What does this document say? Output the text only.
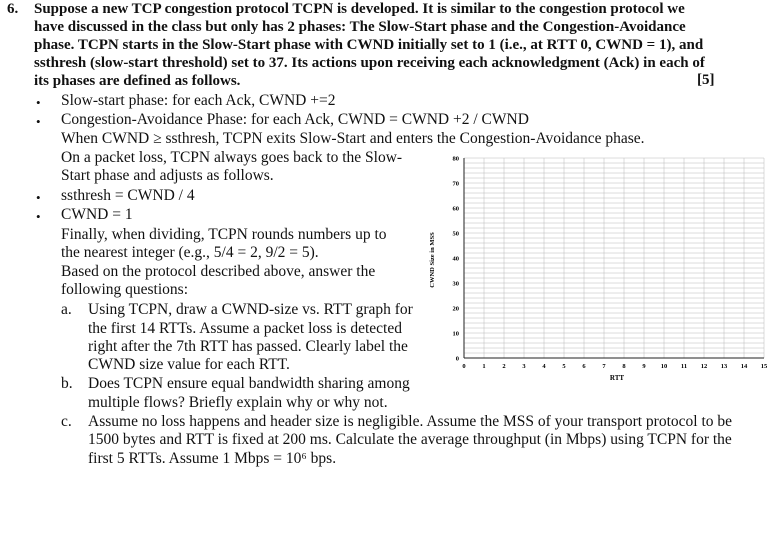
6. Suppose a new TCP congestion protocol TCPN is developed. It is similar to the congestion protocol we
have discussed in the class but only has 2 phases: The Slow-Start phase and the Congestion-Avoidance
phase. TCPN starts in the Slow-Start phase with CWND initially set to 1 (i.e., at RTT 0, CWND = 1), and
ssthresh (slow-start threshold) set to 37. Its actions upon receiving each acknowledgment (Ack) in each of
its phases are defined as follows.	[5]
• Slow-start phase: for each Ack, CWND +=2
• Congestion-Avoidance Phase: for each Ack, CWND = CWND +2 / CWND
When CWND ≥ ssthresh, TCPN exits Slow-Start and enters the Congestion-Avoidance phase.
On a packet loss, TCPN always goes back to the Slow-
Start phase and adjusts as follows.
• ssthresh = CWND / 4
• CWND = 1
Finally, when dividing, TCPN rounds numbers up to
the nearest integer (e.g., 5/4 = 2, 9/2 = 5).
Based on the protocol described above, answer the
following questions:
a. Using TCPN, draw a CWND-size vs. RTT graph for
the first 14 RTTs. Assume a packet loss is detected
right after the 7th RTT has passed. Clearly label the
CWND size value for each RTT.
b. Does TCPN ensure equal bandwidth sharing among
multiple flows? Briefly explain why or why not.
c. Assume no loss happens and header size is negligible. Assume the MSS of your transport protocol to be
1500 bytes and RTT is fixed at 200 ms. Calculate the average throughput (in Mbps) using TCPN for the
first 5 RTTs. Assume 1 Mbps = 10⁶ bps.
0	1	2	3	4	5	6	7	8	9 10 11 12 13 14 15
0
10
20
30
40
50
60
70
80
CWND Size in MSS
RTT
